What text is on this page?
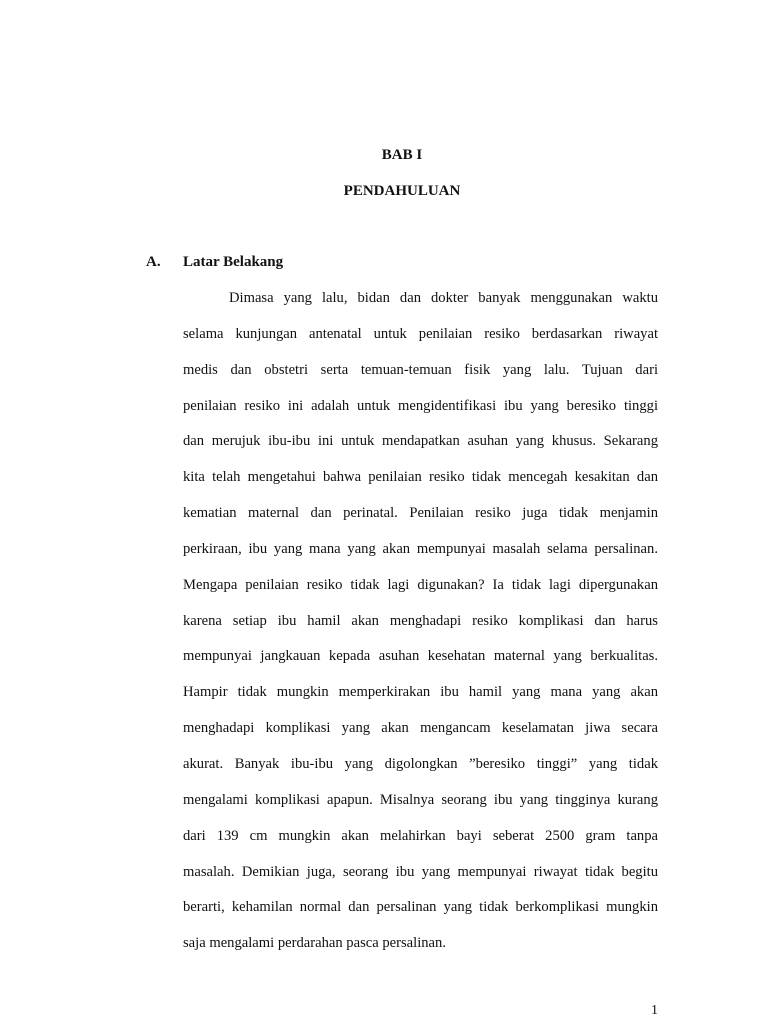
BAB I
PENDAHULUAN
A. Latar Belakang
Dimasa yang lalu, bidan dan dokter banyak menggunakan waktu
selama kunjungan antenatal untuk penilaian resiko berdasarkan riwayat
medis dan obstetri serta temuan-temuan fisik yang lalu. Tujuan dari
penilaian resiko ini adalah untuk mengidentifikasi ibu yang beresiko tinggi
dan merujuk ibu-ibu ini untuk mendapatkan asuhan yang khusus. Sekarang
kita telah mengetahui bahwa penilaian resiko tidak mencegah kesakitan dan
kematian maternal dan perinatal. Penilaian resiko juga tidak menjamin
perkiraan, ibu yang mana yang akan mempunyai masalah selama persalinan.
Mengapa penilaian resiko tidak lagi digunakan? Ia tidak lagi dipergunakan
karena setiap ibu hamil akan menghadapi resiko komplikasi dan harus
mempunyai jangkauan kepada asuhan kesehatan maternal yang berkualitas.
Hampir tidak mungkin memperkirakan ibu hamil yang mana yang akan
menghadapi komplikasi yang akan mengancam keselamatan jiwa secara
akurat. Banyak ibu-ibu yang digolongkan ”beresiko tinggi” yang tidak
mengalami komplikasi apapun. Misalnya seorang ibu yang tingginya kurang
dari 139 cm mungkin akan melahirkan bayi seberat 2500 gram tanpa
masalah. Demikian juga, seorang ibu yang mempunyai riwayat tidak begitu
berarti, kehamilan normal dan persalinan yang tidak berkomplikasi mungkin
saja mengalami perdarahan pasca persalinan.
1
